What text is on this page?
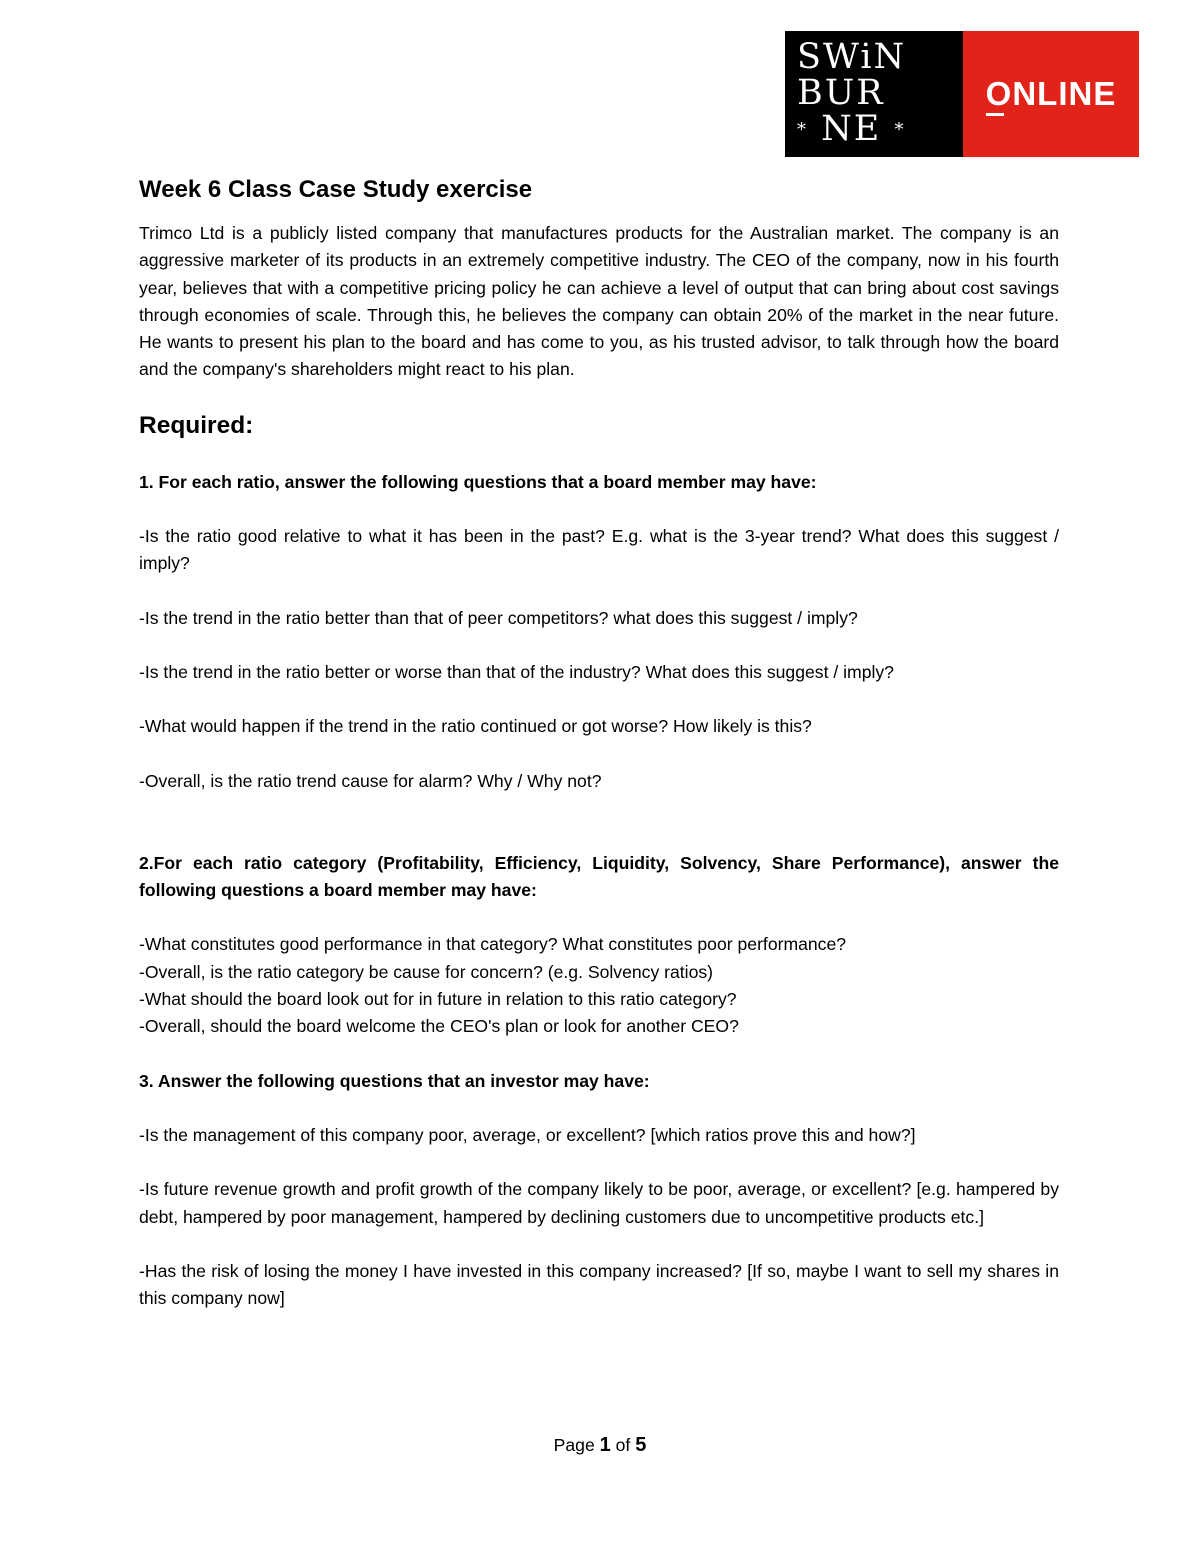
SWiN
BUR
* NE *
ONLINE
Week 6 Class Case Study exercise

Trimco Ltd is a publicly listed company that manufactures products for the Australian market. The company is an aggressive marketer of its products in an extremely competitive industry. The CEO of the company, now in his fourth year, believes that with a competitive pricing policy he can achieve a level of output that can bring about cost savings through economies of scale. Through this, he believes the company can obtain 20% of the market in the near future. He wants to present his plan to the board and has come to you, as his trusted advisor, to talk through how the board and the company's shareholders might react to his plan.

Required:

1. For each ratio, answer the following questions that a board member may have:

-Is the ratio good relative to what it has been in the past? E.g. what is the 3-year trend? What does this suggest / imply?

-Is the trend in the ratio better than that of peer competitors? what does this suggest / imply?

-Is the trend in the ratio better or worse than that of the industry? What does this suggest / imply?

-What would happen if the trend in the ratio continued or got worse? How likely is this?

-Overall, is the ratio trend cause for alarm? Why / Why not?

2.For each ratio category (Profitability, Efficiency, Liquidity, Solvency, Share Performance), answer the following questions a board member may have:

-What constitutes good performance in that category? What constitutes poor performance?

-Overall, is the ratio category be cause for concern? (e.g. Solvency ratios)

-What should the board look out for in future in relation to this ratio category?

-Overall, should the board welcome the CEO's plan or look for another CEO?

3. Answer the following questions that an investor may have:

-Is the management of this company poor, average, or excellent? [which ratios prove this and how?]

-Is future revenue growth and profit growth of the company likely to be poor, average, or excellent? [e.g. hampered by debt, hampered by poor management, hampered by declining customers due to uncompetitive products etc.]

-Has the risk of losing the money I have invested in this company increased? [If so, maybe I want to sell my shares in this company now]

Page 1 of 5
